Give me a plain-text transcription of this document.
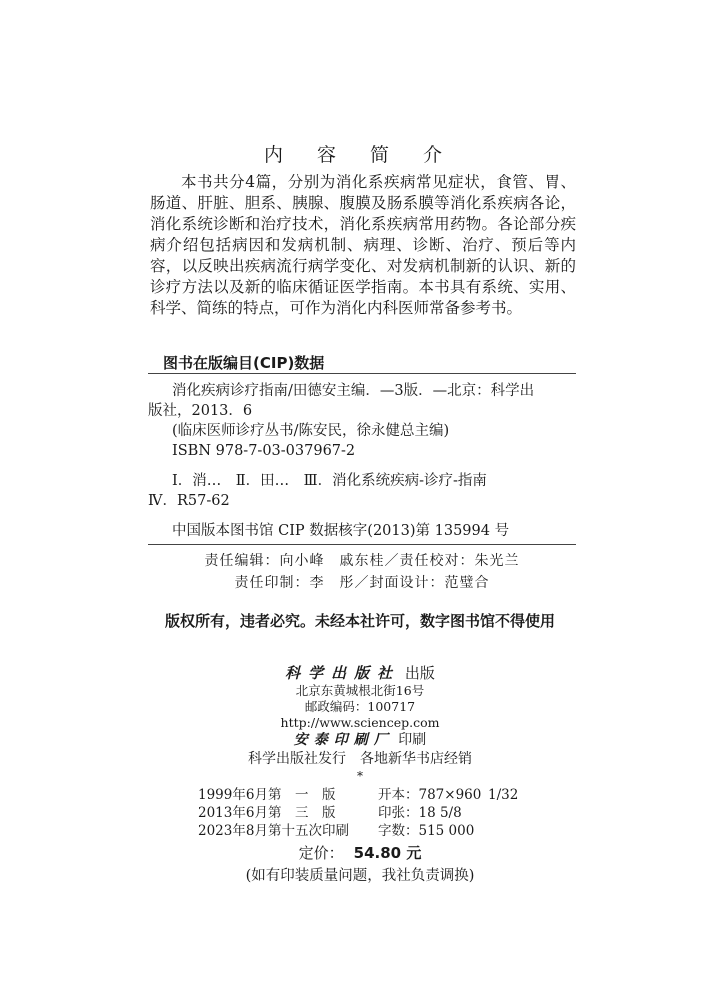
内 容 简 介

本书共分4篇，分别为消化系疾病常见症状，食管、胃、肠道、肝脏、胆系、胰腺、腹膜及肠系膜等消化系疾病各论，消化系统诊断和治疗技术，消化系疾病常用药物。各论部分疾病介绍包括病因和发病机制、病理、诊断、治疗、预后等内容，以反映出疾病流行病学变化、对发病机制新的认识、新的诊疗方法以及新的临床循证医学指南。本书具有系统、实用、科学、简练的特点，可作为消化内科医师常备参考书。

图书在版编目(CIP)数据
消化疾病诊疗指南/田德安主编．—3版．—北京：科学出
版社，2013．6
(临床医师诊疗丛书/陈安民，徐永健总主编)
ISBN 978-7-03-037967-2
Ⅰ．消…　Ⅱ．田…　Ⅲ．消化系统疾病-诊疗-指南
Ⅳ．R57-62
中国版本图书馆 CIP 数据核字(2013)第 135994 号
责任编辑：向小峰　戚东桂／责任校对：朱光兰
责任印制：李　彤／封面设计：范璧合
版权所有，违者必究。未经本社许可，数字图书馆不得使用
科学出版社 出版
北京东黄城根北街16号
邮政编码：100717
http://www.sciencep.com
安泰印刷厂 印刷
科学出版社发行　各地新华书店经销
*
1999年6月第　一　版	开本：787×960 1/32
2013年6月第　三　版	印张：18 5/8
2023年8月第十五次印刷	字数：515 000
定价： 54.80 元
(如有印装质量问题，我社负责调换)
